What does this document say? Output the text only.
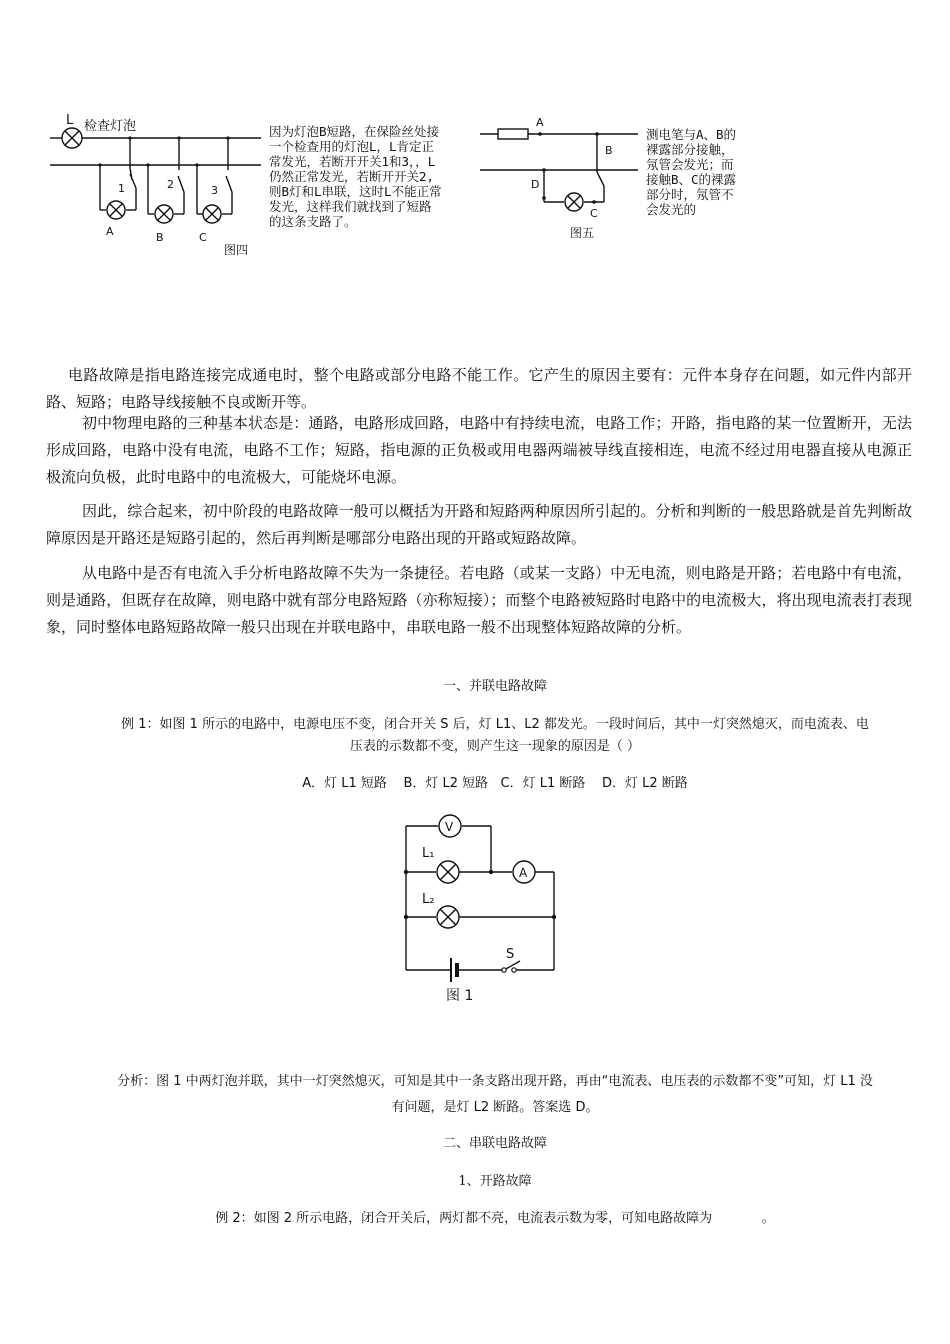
L 检查灯泡
1	2	3
A	B	C
图四
因为灯泡B短路，在保险丝处接
一个检查用的灯泡L，L肯定正
常发光，若断开开关1和3，，L
仍然正常发光，若断开开关2,
则B灯和L串联，这时L不能正常
发光，这样我们就找到了短路
的这条支路了。
A
B
C
D
图五
测电笔与A、B的
裸露部分接触，
氖管会发光；而
接触B、C的裸露
部分时，氖管不
会发光的
电路故障是指电路连接完成通电时，整个电路或部分电路不能工作。它产生的原因主要有：元件本身存在问题，如元件内部开路、短路；电路导线接触不良或断开等。
初中物理电路的三种基本状态是：通路，电路形成回路，电路中有持续电流，电路工作；开路，指电路的某一位置断开，无法形成回路，电路中没有电流，电路不工作；短路，指电源的正负极或用电器两端被导线直接相连，电流不经过用电器直接从电源正极流向负极，此时电路中的电流极大，可能烧坏电源。
因此，综合起来，初中阶段的电路故障一般可以概括为开路和短路两种原因所引起的。分析和判断的一般思路就是首先判断故障原因是开路还是短路引起的，然后再判断是哪部分电路出现的开路或短路故障。
从电路中是否有电流入手分析电路故障不失为一条捷径。若电路（或某一支路）中无电流，则电路是开路；若电路中有电流，则是通路，但既存在故障，则电路中就有部分电路短路（亦称短接）；而整个电路被短路时电路中的电流极大，将出现电流表打表现象，同时整体电路短路故障一般只出现在并联电路中，串联电路一般不出现整体短路故障的分析。
一、并联电路故障
例 1：如图 1 所示的电路中，电源电压不变，闭合开关 S 后，灯 L1、L2 都发光。一段时间后，其中一灯突然熄灭，而电流表、电
压表的示数都不变，则产生这一现象的原因是（ ）
A．灯 L1 短路    B．灯 L2 短路   C．灯 L1 断路    D．灯 L2 断路
V
A
L₁
L₂
S
图 1
分析：图 1 中两灯泡并联，其中一灯突然熄灭，可知是其中一条支路出现开路，再由“电流表、电压表的示数都不变”可知，灯 L1 没
有问题，是灯 L2 断路。答案选 D。
二、串联电路故障
1、开路故障
例 2：如图 2 所示电路，闭合开关后，两灯都不亮，电流表示数为零，可知电路故障为            。
